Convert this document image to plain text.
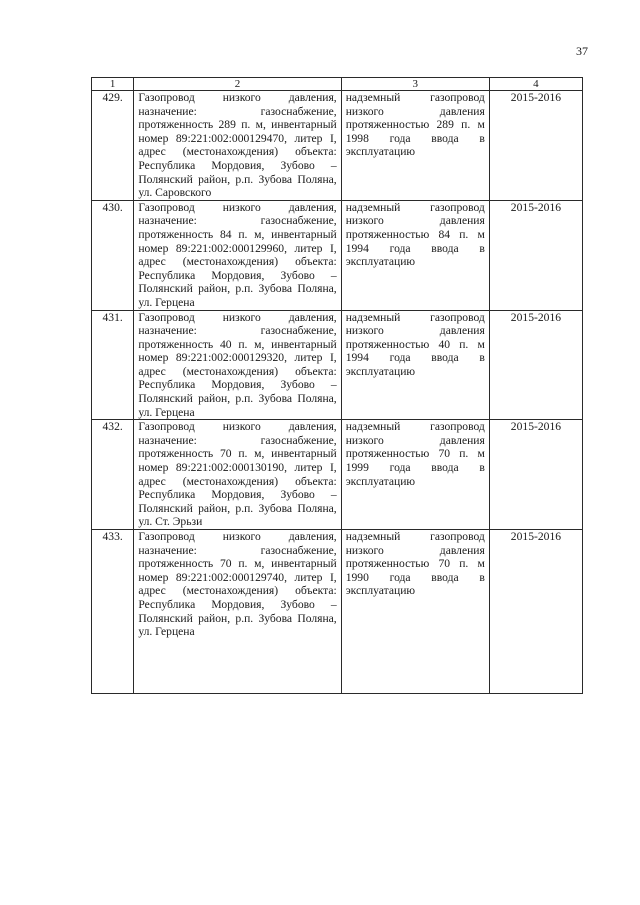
37
1	2	3	4
429.	Газопровод низкого давления, назначение: газоснабжение, протяженность 289 п. м, инвентарный номер 89:221:002:000129470, литер I, адрес (местонахождения) объекта: Республика Мордовия, Зубово – Полянский район, р.п. Зубова Поляна, ул. Саровского	надземный газопровод низкого давления протяженностью 289 п. м 1998 года ввода в эксплуатацию	2015-2016
430.	Газопровод низкого давления, назначение: газоснабжение, протяженность 84 п. м, инвентарный номер 89:221:002:000129960, литер I, адрес (местонахождения) объекта: Республика Мордовия, Зубово – Полянский район, р.п. Зубова Поляна, ул. Герцена	надземный газопровод низкого давления протяженностью 84 п. м 1994 года ввода в эксплуатацию	2015-2016
431.	Газопровод низкого давления, назначение: газоснабжение, протяженность 40 п. м, инвентарный номер 89:221:002:000129320, литер I, адрес (местонахождения) объекта: Республика Мордовия, Зубово – Полянский район, р.п. Зубова Поляна, ул. Герцена	надземный газопровод низкого давления протяженностью 40 п. м 1994 года ввода в эксплуатацию	2015-2016
432.	Газопровод низкого давления, назначение: газоснабжение, протяженность 70 п. м, инвентарный номер 89:221:002:000130190, литер I, адрес (местонахождения) объекта: Республика Мордовия, Зубово – Полянский район, р.п. Зубова Поляна, ул. Ст. Эрьзи	надземный газопровод низкого давления протяженностью 70 п. м 1999 года ввода в эксплуатацию	2015-2016
433.	Газопровод низкого давления, назначение: газоснабжение, протяженность 70 п. м, инвентарный номер 89:221:002:000129740, литер I, адрес (местонахождения) объекта: Республика Мордовия, Зубово – Полянский район, р.п. Зубова Поляна, ул. Герцена	надземный газопровод низкого давления протяженностью 70 п. м 1990 года ввода в эксплуатацию	2015-2016
